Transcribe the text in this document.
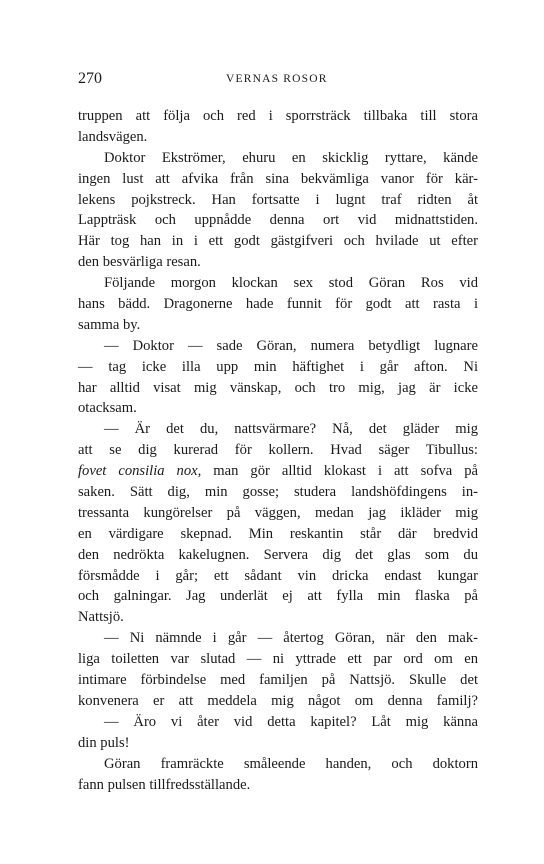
270	VERNAS ROSOR
truppen att följa och red i sporrsträck tillbaka till stora
landsvägen.
Doktor Ekströmer, ehuru en skicklig ryttare, kände
ingen lust att afvika från sina bekvämliga vanor för kär-
lekens pojkstreck. Han fortsatte i lugnt traf ridten åt
Lappträsk och uppnådde denna ort vid midnattstiden.
Här tog han in i ett godt gästgifveri och hvilade ut efter
den besvärliga resan.
Följande morgon klockan sex stod Göran Ros vid
hans bädd. Dragonerne hade funnit för godt att rasta i
samma by.
— Doktor — sade Göran, numera betydligt lugnare
— tag icke illa upp min häftighet i går afton. Ni
har alltid visat mig vänskap, och tro mig, jag är icke
otacksam.
— Är det du, nattsvärmare? Nå, det gläder mig
att se dig kurerad för kollern. Hvad säger Tibullus:
fovet consilia nox, man gör alltid klokast i att sofva på
saken. Sätt dig, min gosse; studera landshöfdingens in-
tressanta kungörelser på väggen, medan jag ikläder mig
en värdigare skepnad. Min reskantin står där bredvid
den nedrökta kakelugnen. Servera dig det glas som du
försmådde i går; ett sådant vin dricka endast kungar
och galningar. Jag underlät ej att fylla min flaska på
Nattsjö.
— Ni nämnde i går — återtog Göran, när den mak-
liga toiletten var slutad — ni yttrade ett par ord om en
intimare förbindelse med familjen på Nattsjö. Skulle det
konvenera er att meddela mig något om denna familj?
— Äro vi åter vid detta kapitel? Låt mig känna
din puls!
Göran framräckte småleende handen, och doktorn
fann pulsen tillfredsställande.
